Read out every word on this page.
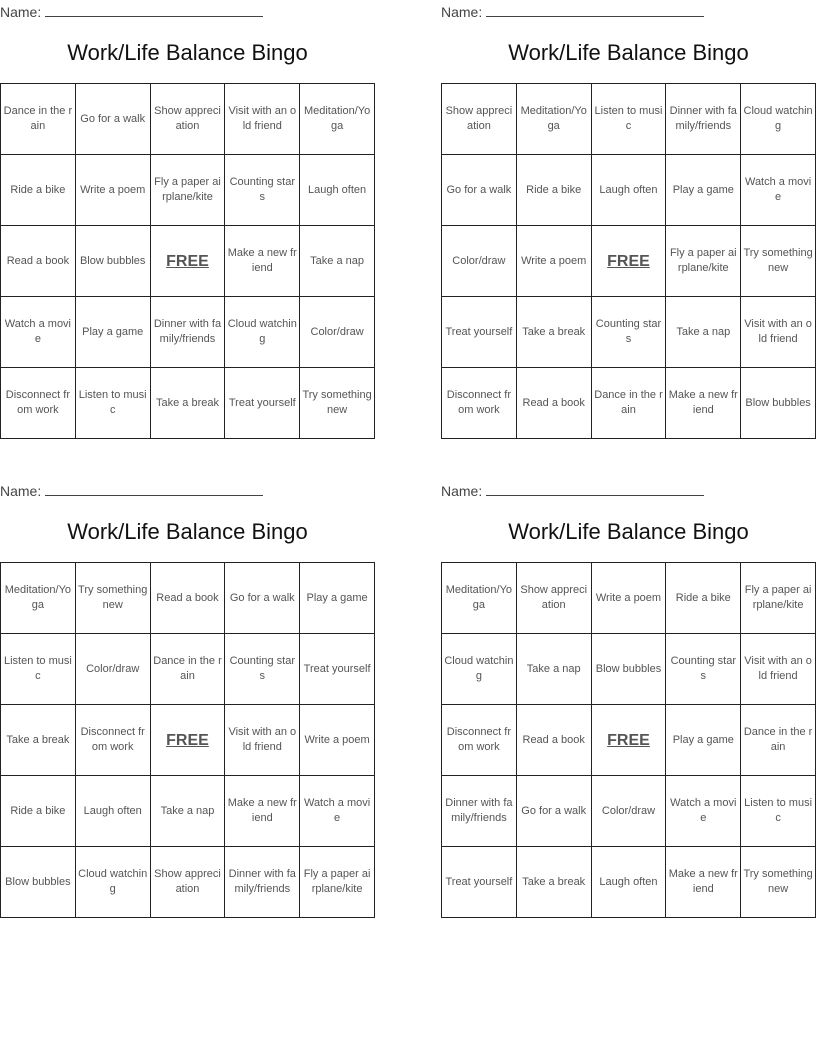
Name:
Work/Life Balance Bingo
Dance in the rain	Go for a walk	Show appreciation	Visit with an old friend	Meditation/Yoga
Ride a bike	Write a poem	Fly a paper airplane/kite	Counting stars	Laugh often
Read a book	Blow bubbles	FREE	Make a new friend	Take a nap
Watch a movie	Play a game	Dinner with family/friends	Cloud watching	Color/draw
Disconnect from work	Listen to music	Take a break	Treat yourself	Try something new
Name:
Work/Life Balance Bingo
Show appreciation	Meditation/Yoga	Listen to music	Dinner with family/friends	Cloud watching
Go for a walk	Ride a bike	Laugh often	Play a game	Watch a movie
Color/draw	Write a poem	FREE	Fly a paper airplane/kite	Try something new
Treat yourself	Take a break	Counting stars	Take a nap	Visit with an old friend
Disconnect from work	Read a book	Dance in the rain	Make a new friend	Blow bubbles
Name:
Work/Life Balance Bingo
Meditation/Yoga	Try something new	Read a book	Go for a walk	Play a game
Listen to music	Color/draw	Dance in the rain	Counting stars	Treat yourself
Take a break	Disconnect from work	FREE	Visit with an old friend	Write a poem
Ride a bike	Laugh often	Take a nap	Make a new friend	Watch a movie
Blow bubbles	Cloud watching	Show appreciation	Dinner with family/friends	Fly a paper airplane/kite
Name:
Work/Life Balance Bingo
Meditation/Yoga	Show appreciation	Write a poem	Ride a bike	Fly a paper airplane/kite
Cloud watching	Take a nap	Blow bubbles	Counting stars	Visit with an old friend
Disconnect from work	Read a book	FREE	Play a game	Dance in the rain
Dinner with family/friends	Go for a walk	Color/draw	Watch a movie	Listen to music
Treat yourself	Take a break	Laugh often	Make a new friend	Try something new
